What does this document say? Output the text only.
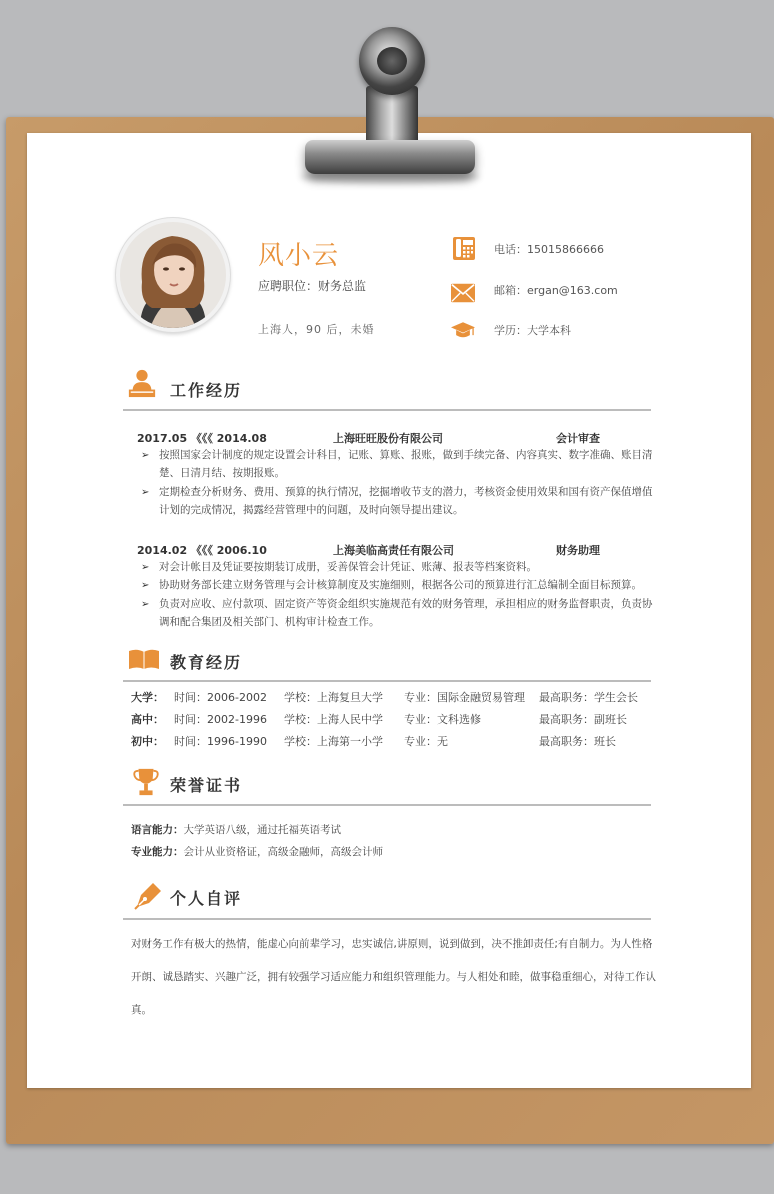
风小云
应聘职位：财务总监
上海人，90 后，未婚
电话：15015866666
邮箱：ergan@163.com
学历：大学本科
工作经历
2017.05 《《《 2014.08	上海旺旺股份有限公司	会计审查
➢ 按照国家会计制度的规定设置会计科目，记账、算账、报账，做到手续完备、内容真实、数字准确、账目清楚、日清月结、按期报账。
➢ 定期检查分析财务、费用、预算的执行情况，挖掘增收节支的潜力，考核资金使用效果和国有资产保值增值计划的完成情况，揭露经营管理中的问题，及时向领导提出建议。
2014.02 《《《 2006.10	上海美临高责任有限公司	财务助理
➢ 对会计帐目及凭证要按期装订成册，妥善保管会计凭证、账薄、报表等档案资料。
➢ 协助财务部长建立财务管理与会计核算制度及实施细则，根据各公司的预算进行汇总编制全面目标预算。
➢ 负责对应收、应付款项、固定资产等资金组织实施规范有效的财务管理，承担相应的财务监督职责，负责协调和配合集团及相关部门、机构审计检查工作。
教育经历
大学： 时间：2006-2002 学校：上海复旦大学 专业：国际金融贸易管理 最高职务：学生会长
高中： 时间：2002-1996 学校：上海人民中学 专业：文科选修	最高职务：副班长
初中： 时间：1996-1990 学校：上海第一小学 专业：无	最高职务：班长
荣誉证书
语言能力：大学英语八级，通过托福英语考试
专业能力：会计从业资格证，高级金融师，高级会计师
个人自评
对财务工作有极大的热情，能虚心向前辈学习，忠实诚信,讲原则，说到做到，决不推卸责任;有自制力。为人性格开朗、诚恳踏实、兴趣广泛，拥有较强学习适应能力和组织管理能力。与人相处和睦，做事稳重细心，对待工作认真。
